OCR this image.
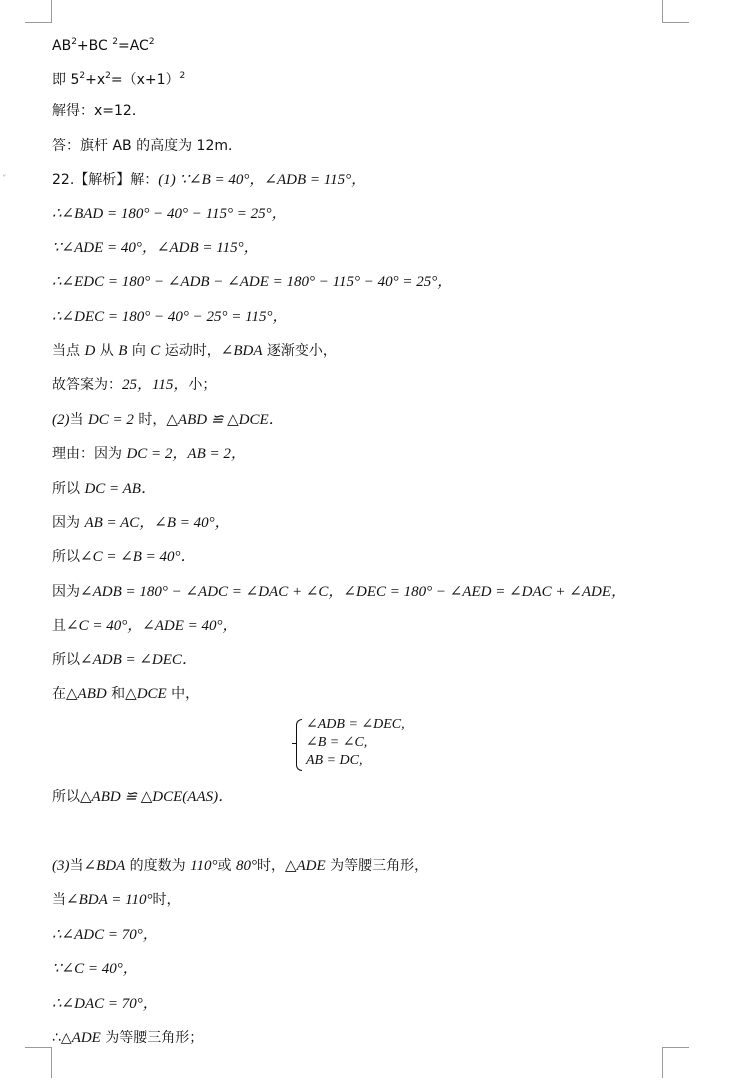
˅
$AB^2+BC$ $^2=AC^2$
即 $5^2+x^2=(x+1)^2$
解得：x=12．
答：旗杆 AB 的高度为 12m．
22.【解析】解：(1) ∵∠B = 40°，∠ADB = 115°，
∴∠BAD = 180° − 40° − 115° = 25°，
∵∠ADE = 40°，∠ADB = 115°，
∴∠EDC = 180° − ∠ADB − ∠ADE = 180° − 115° − 40° = 25°，
∴∠DEC = 180° − 40° − 25° = 115°，
当点 D 从 B 向 C 运动时，∠BDA 逐渐变小，
故答案为：25，115，小；
(2)当 DC = 2 时，△ABD ≌ △DCE．
理由：因为 DC = 2，AB = 2，
所以 DC = AB．
因为 AB = AC，∠B = 40°，
所以∠C = ∠B = 40°．
因为∠ADB = 180° − ∠ADC = ∠DAC + ∠C，∠DEC = 180° − ∠AED = ∠DAC + ∠ADE，
且∠C = 40°，∠ADE = 40°，
所以∠ADB = ∠DEC．
在△ABD 和△DCE 中，
所以△ABD ≌ △DCE(AAS)．
(3)当∠BDA 的度数为 110°或 80°时，△ADE 为等腰三角形，
当∠BDA = 110°时，
∴∠ADC = 70°，
∵∠C = 40°，
∴∠DAC = 70°，
∴△ADE 为等腰三角形；
∠ADB = ∠DEC,
∠B = ∠C,
AB = DC,
